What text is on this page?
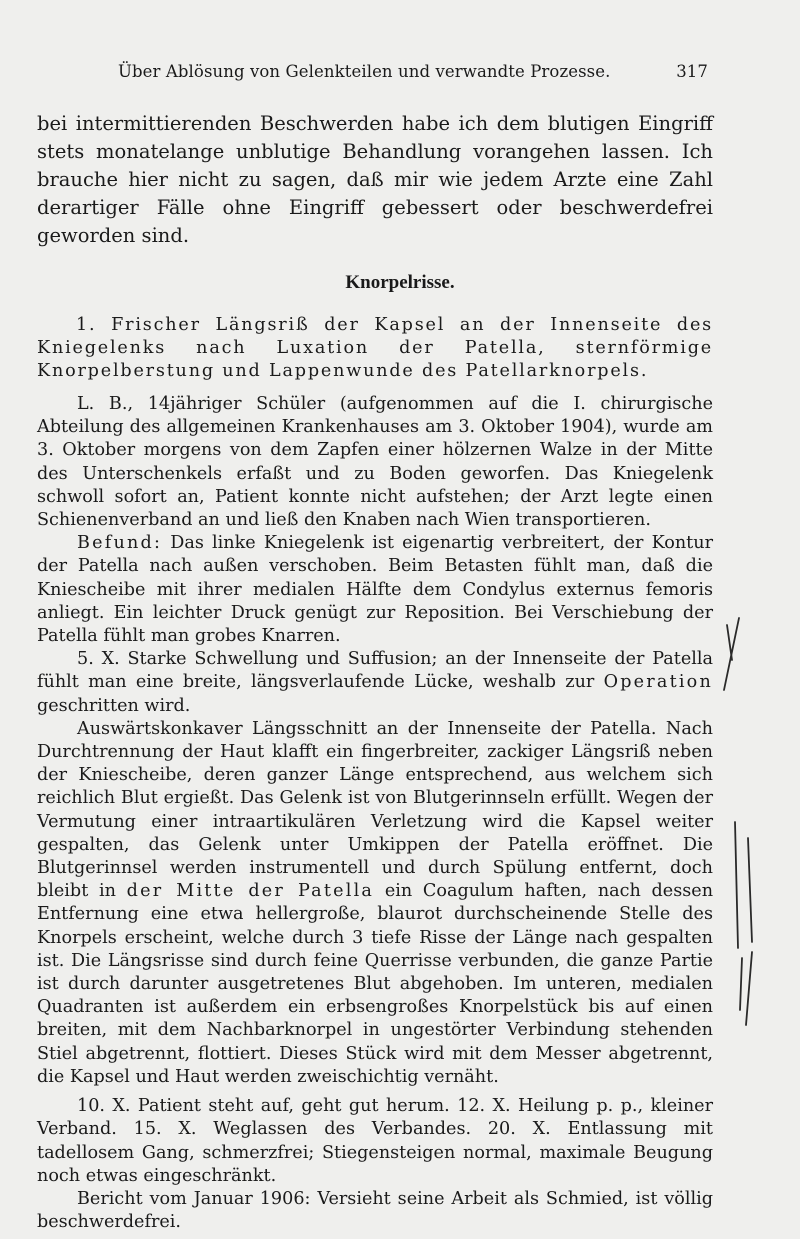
Über Ablösung von Gelenkteilen und verwandte Prozesse.	317
bei intermittierenden Beschwerden habe ich dem blutigen Eingriff stets monatelange unblutige Behandlung vorangehen lassen. Ich brauche hier nicht zu sagen, daß mir wie jedem Arzte eine Zahl derartiger Fälle ohne Eingriff gebessert oder beschwerdefrei geworden sind.
Knorpelrisse.

1. Frischer Längsriß der Kapsel an der Innenseite des Kniegelenks nach Luxation der Patella, sternförmige Knorpelberstung und Lappenwunde des Patellarknorpels.

L. B., 14jähriger Schüler (aufgenommen auf die I. chirurgische Abteilung des allgemeinen Krankenhauses am 3. Oktober 1904), wurde am 3. Oktober morgens von dem Zapfen einer hölzernen Walze in der Mitte des Unterschenkels erfaßt und zu Boden geworfen. Das Kniegelenk schwoll sofort an, Patient konnte nicht aufstehen; der Arzt legte einen Schienenverband an und ließ den Knaben nach Wien transportieren.

Befund: Das linke Kniegelenk ist eigenartig verbreitert, der Kontur der Patella nach außen verschoben. Beim Betasten fühlt man, daß die Kniescheibe mit ihrer medialen Hälfte dem Condylus externus femoris anliegt. Ein leichter Druck genügt zur Reposition. Bei Verschiebung der Patella fühlt man grobes Knarren.

5. X. Starke Schwellung und Suffusion; an der Innenseite der Patella fühlt man eine breite, längsverlaufende Lücke, weshalb zur Operation geschritten wird.

Auswärtskonkaver Längsschnitt an der Innenseite der Patella. Nach Durchtrennung der Haut klafft ein fingerbreiter, zackiger Längsriß neben der Kniescheibe, deren ganzer Länge entsprechend, aus welchem sich reichlich Blut ergießt. Das Gelenk ist von Blutgerinnseln erfüllt. Wegen der Vermutung einer intraartikulären Verletzung wird die Kapsel weiter gespalten, das Gelenk unter Umkippen der Patella eröffnet. Die Blutgerinnsel werden instrumentell und durch Spülung entfernt, doch bleibt in der Mitte der Patella ein Coagulum haften, nach dessen Entfernung eine etwa hellergroße, blaurot durchscheinende Stelle des Knorpels erscheint, welche durch 3 tiefe Risse der Länge nach gespalten ist. Die Längsrisse sind durch feine Querrisse verbunden, die ganze Partie ist durch darunter ausgetretenes Blut abgehoben. Im unteren, medialen Quadranten ist außerdem ein erbsengroßes Knorpelstück bis auf einen breiten, mit dem Nachbarknorpel in ungestörter Verbindung stehenden Stiel abgetrennt, flottiert. Dieses Stück wird mit dem Messer abgetrennt, die Kapsel und Haut werden zweischichtig vernäht.

10. X. Patient steht auf, geht gut herum. 12. X. Heilung p. p., kleiner Verband. 15. X. Weglassen des Verbandes. 20. X. Entlassung mit tadellosem Gang, schmerzfrei; Stiegensteigen normal, maximale Beugung noch etwas eingeschränkt.

Bericht vom Januar 1906: Versieht seine Arbeit als Schmied, ist völlig beschwerdefrei.
